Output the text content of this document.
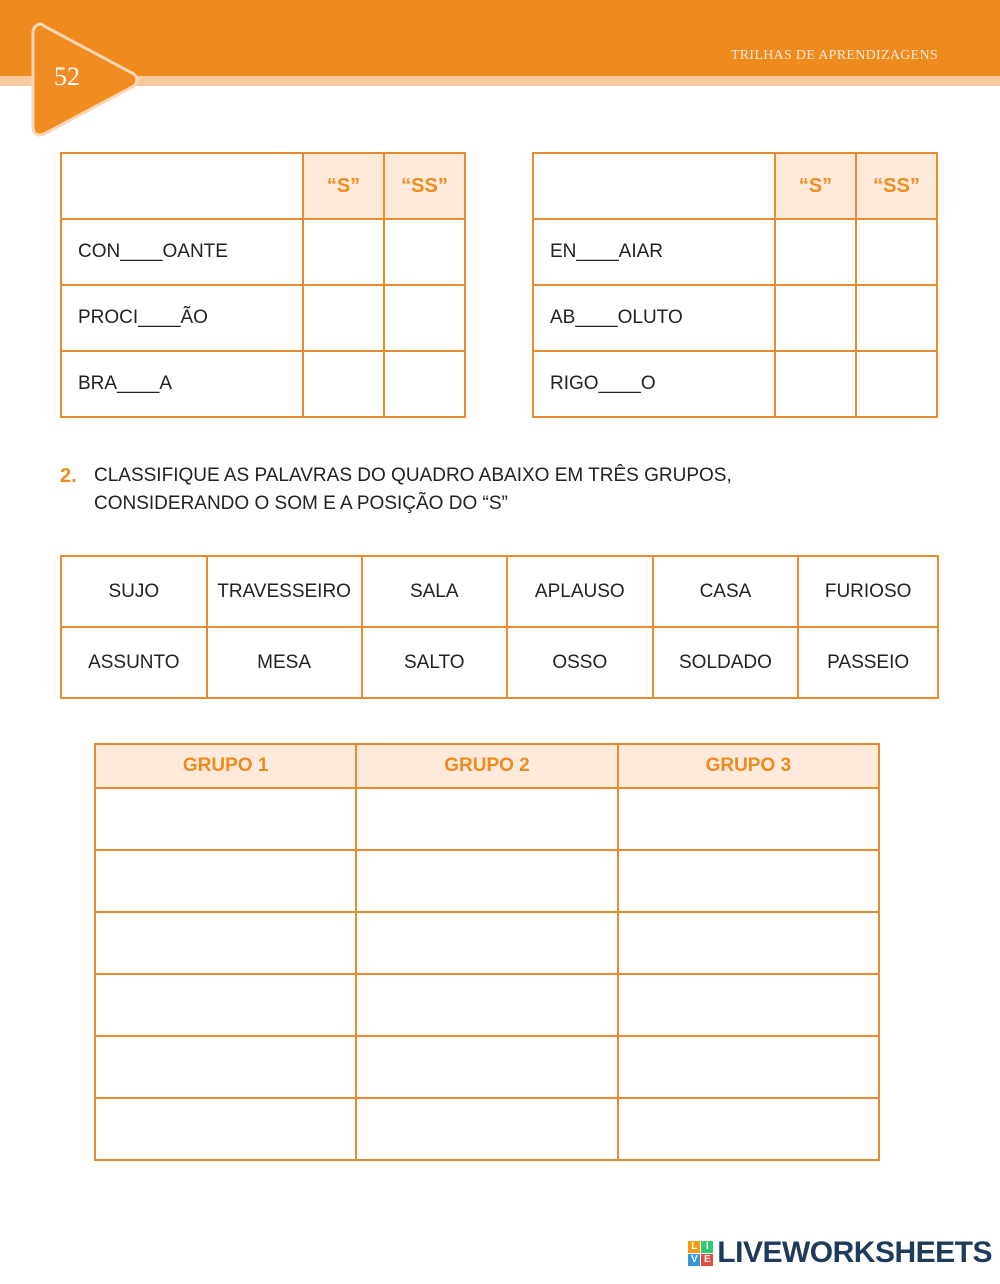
TRILHAS DE APRENDIZAGENS
52
	“S”	“SS”
CON____OANTE		
PROCI____ÃO		
BRA____A		
	“S”	“SS”
EN____AIAR		
AB____OLUTO		
RIGO____O		
2. CLASSIFIQUE AS PALAVRAS DO QUADRO ABAIXO EM TRÊS GRUPOS,
CONSIDERANDO O SOM E A POSIÇÃO DO “S”
SUJO	TRAVESSEIRO	SALA	APLAUSO	CASA	FURIOSO
ASSUNTO	MESA	SALTO	OSSO	SOLDADO	PASSEIO
GRUPO 1	GRUPO 2	GRUPO 3

L I
V E LIVEWORKSHEETS
